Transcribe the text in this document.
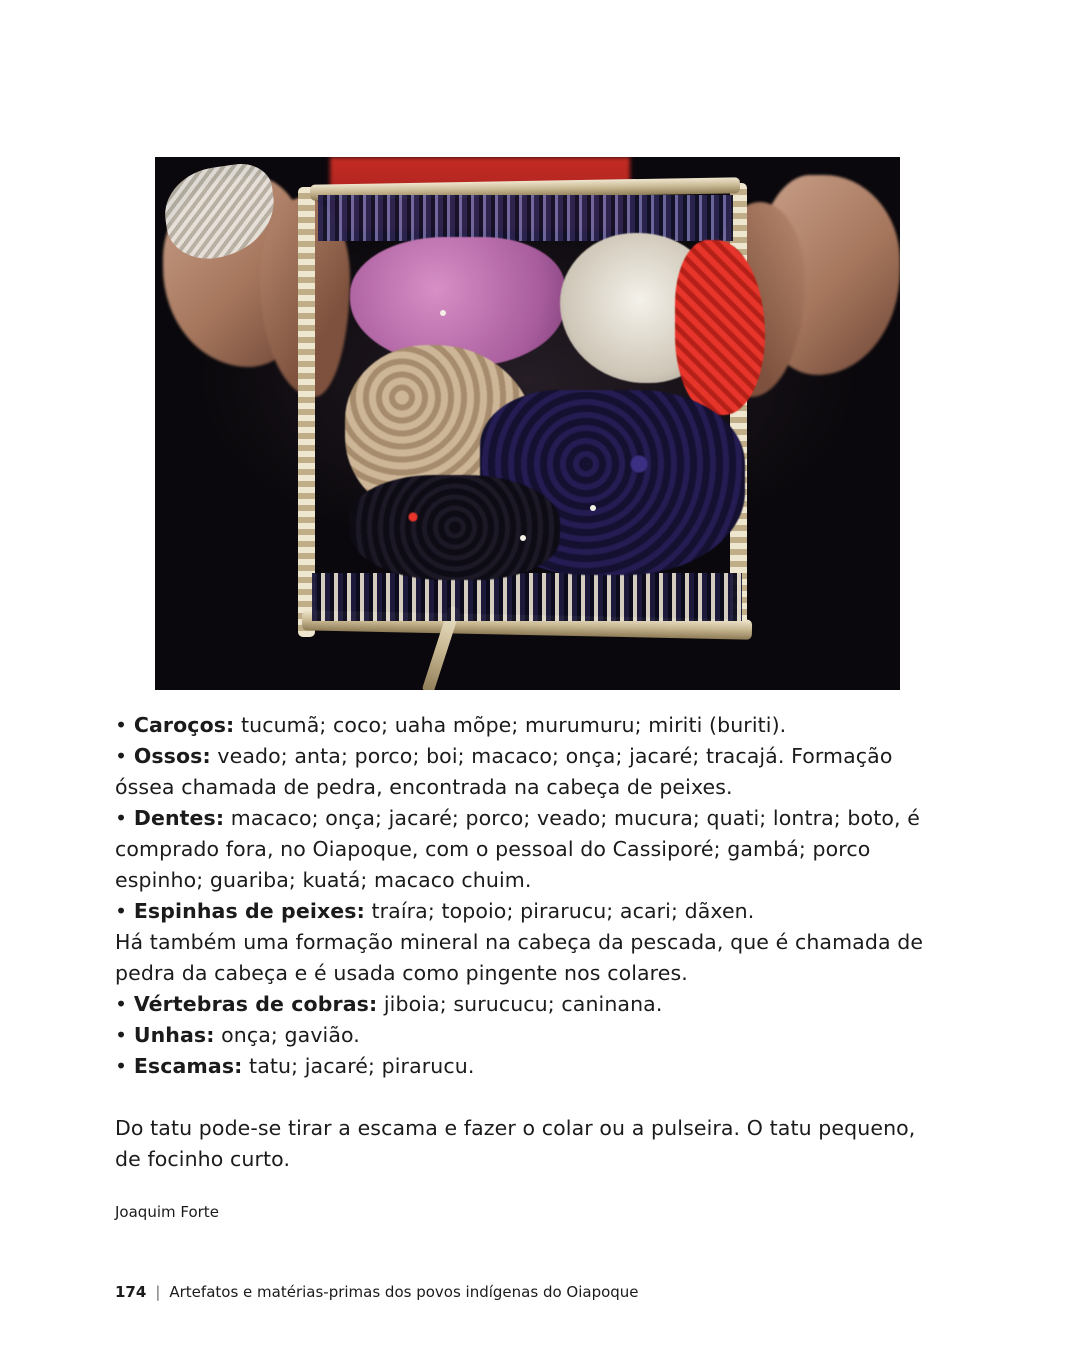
• Caroços: tucumã; coco; uaha mõpe; murumuru; miriti (buriti).

• Ossos: veado; anta; porco; boi; macaco; onça; jacaré; tracajá. Formação óssea chamada de pedra, encontrada na cabeça de peixes.

• Dentes: macaco; onça; jacaré; porco; veado; mucura; quati; lontra; boto, é comprado fora, no Oiapoque, com o pessoal do Cassiporé; gambá; porco espinho; guariba; kuatá; macaco chuim.

• Espinhas de peixes: traíra; topoio; pirarucu; acari; dãxen.

Há também uma formação mineral na cabeça da pescada, que é chamada de pedra da cabeça e é usada como pingente nos colares.

• Vértebras de cobras: jiboia; surucucu; caninana.

• Unhas: onça; gavião.

• Escamas: tatu; jacaré; pirarucu.

Do tatu pode-se tirar a escama e fazer o colar ou a pulseira. O tatu pequeno, de focinho curto.

Joaquim Forte

174 | Artefatos e matérias-primas dos povos indígenas do Oiapoque
